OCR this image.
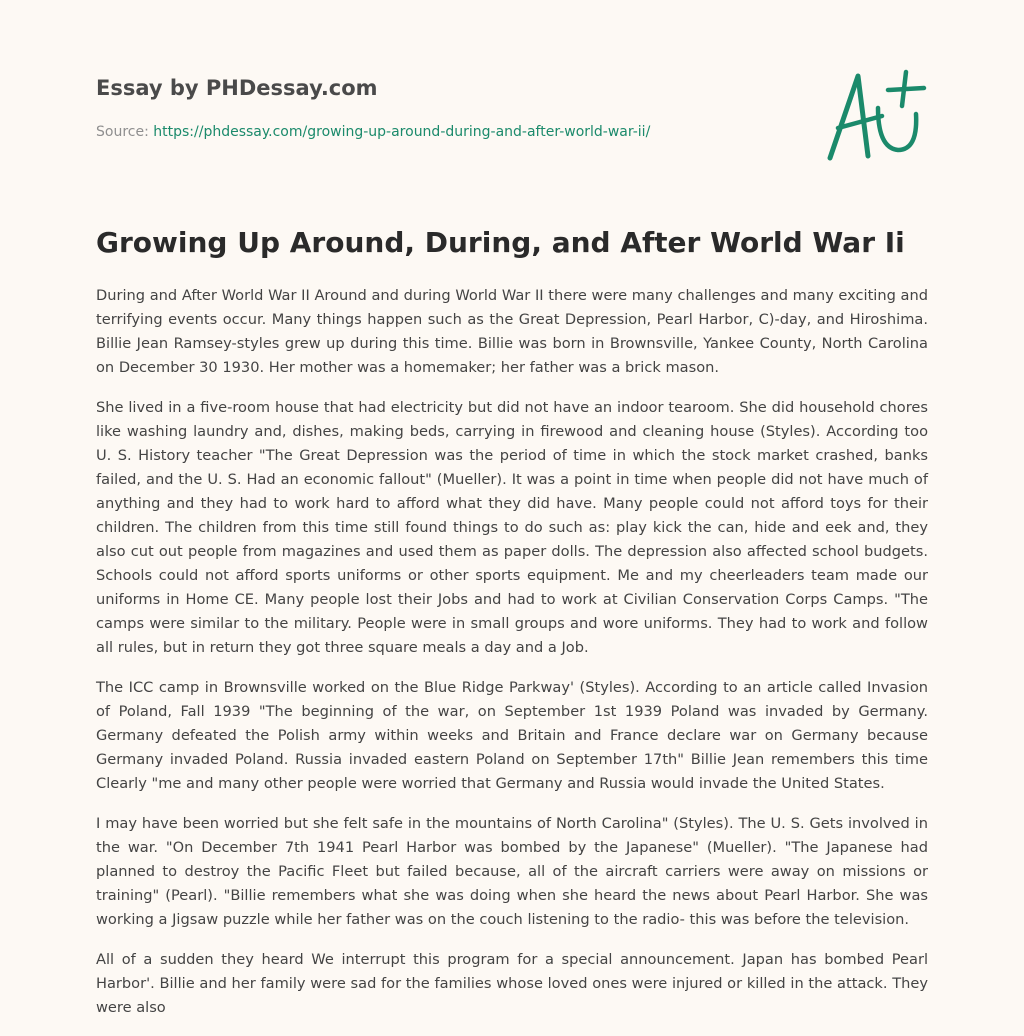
Essay by PHDessay.com

Source: https://phdessay.com/growing-up-around-during-and-after-world-war-ii/

Growing Up Around, During, and After World War Ii

During and After World War II Around and during World War II there were many challenges and many exciting and terrifying events occur. Many things happen such as the Great Depression, Pearl Harbor, C)-day, and Hiroshima. Billie Jean Ramsey-styles grew up during this time. Billie was born in Brownsville, Yankee County, North Carolina on December 30 1930. Her mother was a homemaker; her father was a brick mason.

She lived in a five-room house that had electricity but did not have an indoor tearoom. She did household chores like washing laundry and, dishes, making beds, carrying in firewood and cleaning house (Styles). According too U. S. History teacher "The Great Depression was the period of time in which the stock market crashed, banks failed, and the U. S. Had an economic fallout" (Mueller). It was a point in time when people did not have much of anything and they had to work hard to afford what they did have. Many people could not afford toys for their children. The children from this time still found things to do such as: play kick the can, hide and eek and, they also cut out people from magazines and used them as paper dolls. The depression also affected school budgets. Schools could not afford sports uniforms or other sports equipment. Me and my cheerleaders team made our uniforms in Home CE. Many people lost their Jobs and had to work at Civilian Conservation Corps Camps. "The camps were similar to the military. People were in small groups and wore uniforms. They had to work and follow all rules, but in return they got three square meals a day and a Job.

The ICC camp in Brownsville worked on the Blue Ridge Parkway' (Styles). According to an article called Invasion of Poland, Fall 1939 "The beginning of the war, on September 1st 1939 Poland was invaded by Germany. Germany defeated the Polish army within weeks and Britain and France declare war on Germany because Germany invaded Poland. Russia invaded eastern Poland on September 17th" Billie Jean remembers this time Clearly "me and many other people were worried that Germany and Russia would invade the United States.

I may have been worried but she felt safe in the mountains of North Carolina" (Styles). The U. S. Gets involved in the war. "On December 7th 1941 Pearl Harbor was bombed by the Japanese" (Mueller). "The Japanese had planned to destroy the Pacific Fleet but failed because, all of the aircraft carriers were away on missions or training" (Pearl). "Billie remembers what she was doing when she heard the news about Pearl Harbor. She was working a Jigsaw puzzle while her father was on the couch listening to the radio- this was before the television.

All of a sudden they heard We interrupt this program for a special announcement. Japan has bombed Pearl Harbor'. Billie and her family were sad for the families whose loved ones were injured or killed in the attack. They were also
